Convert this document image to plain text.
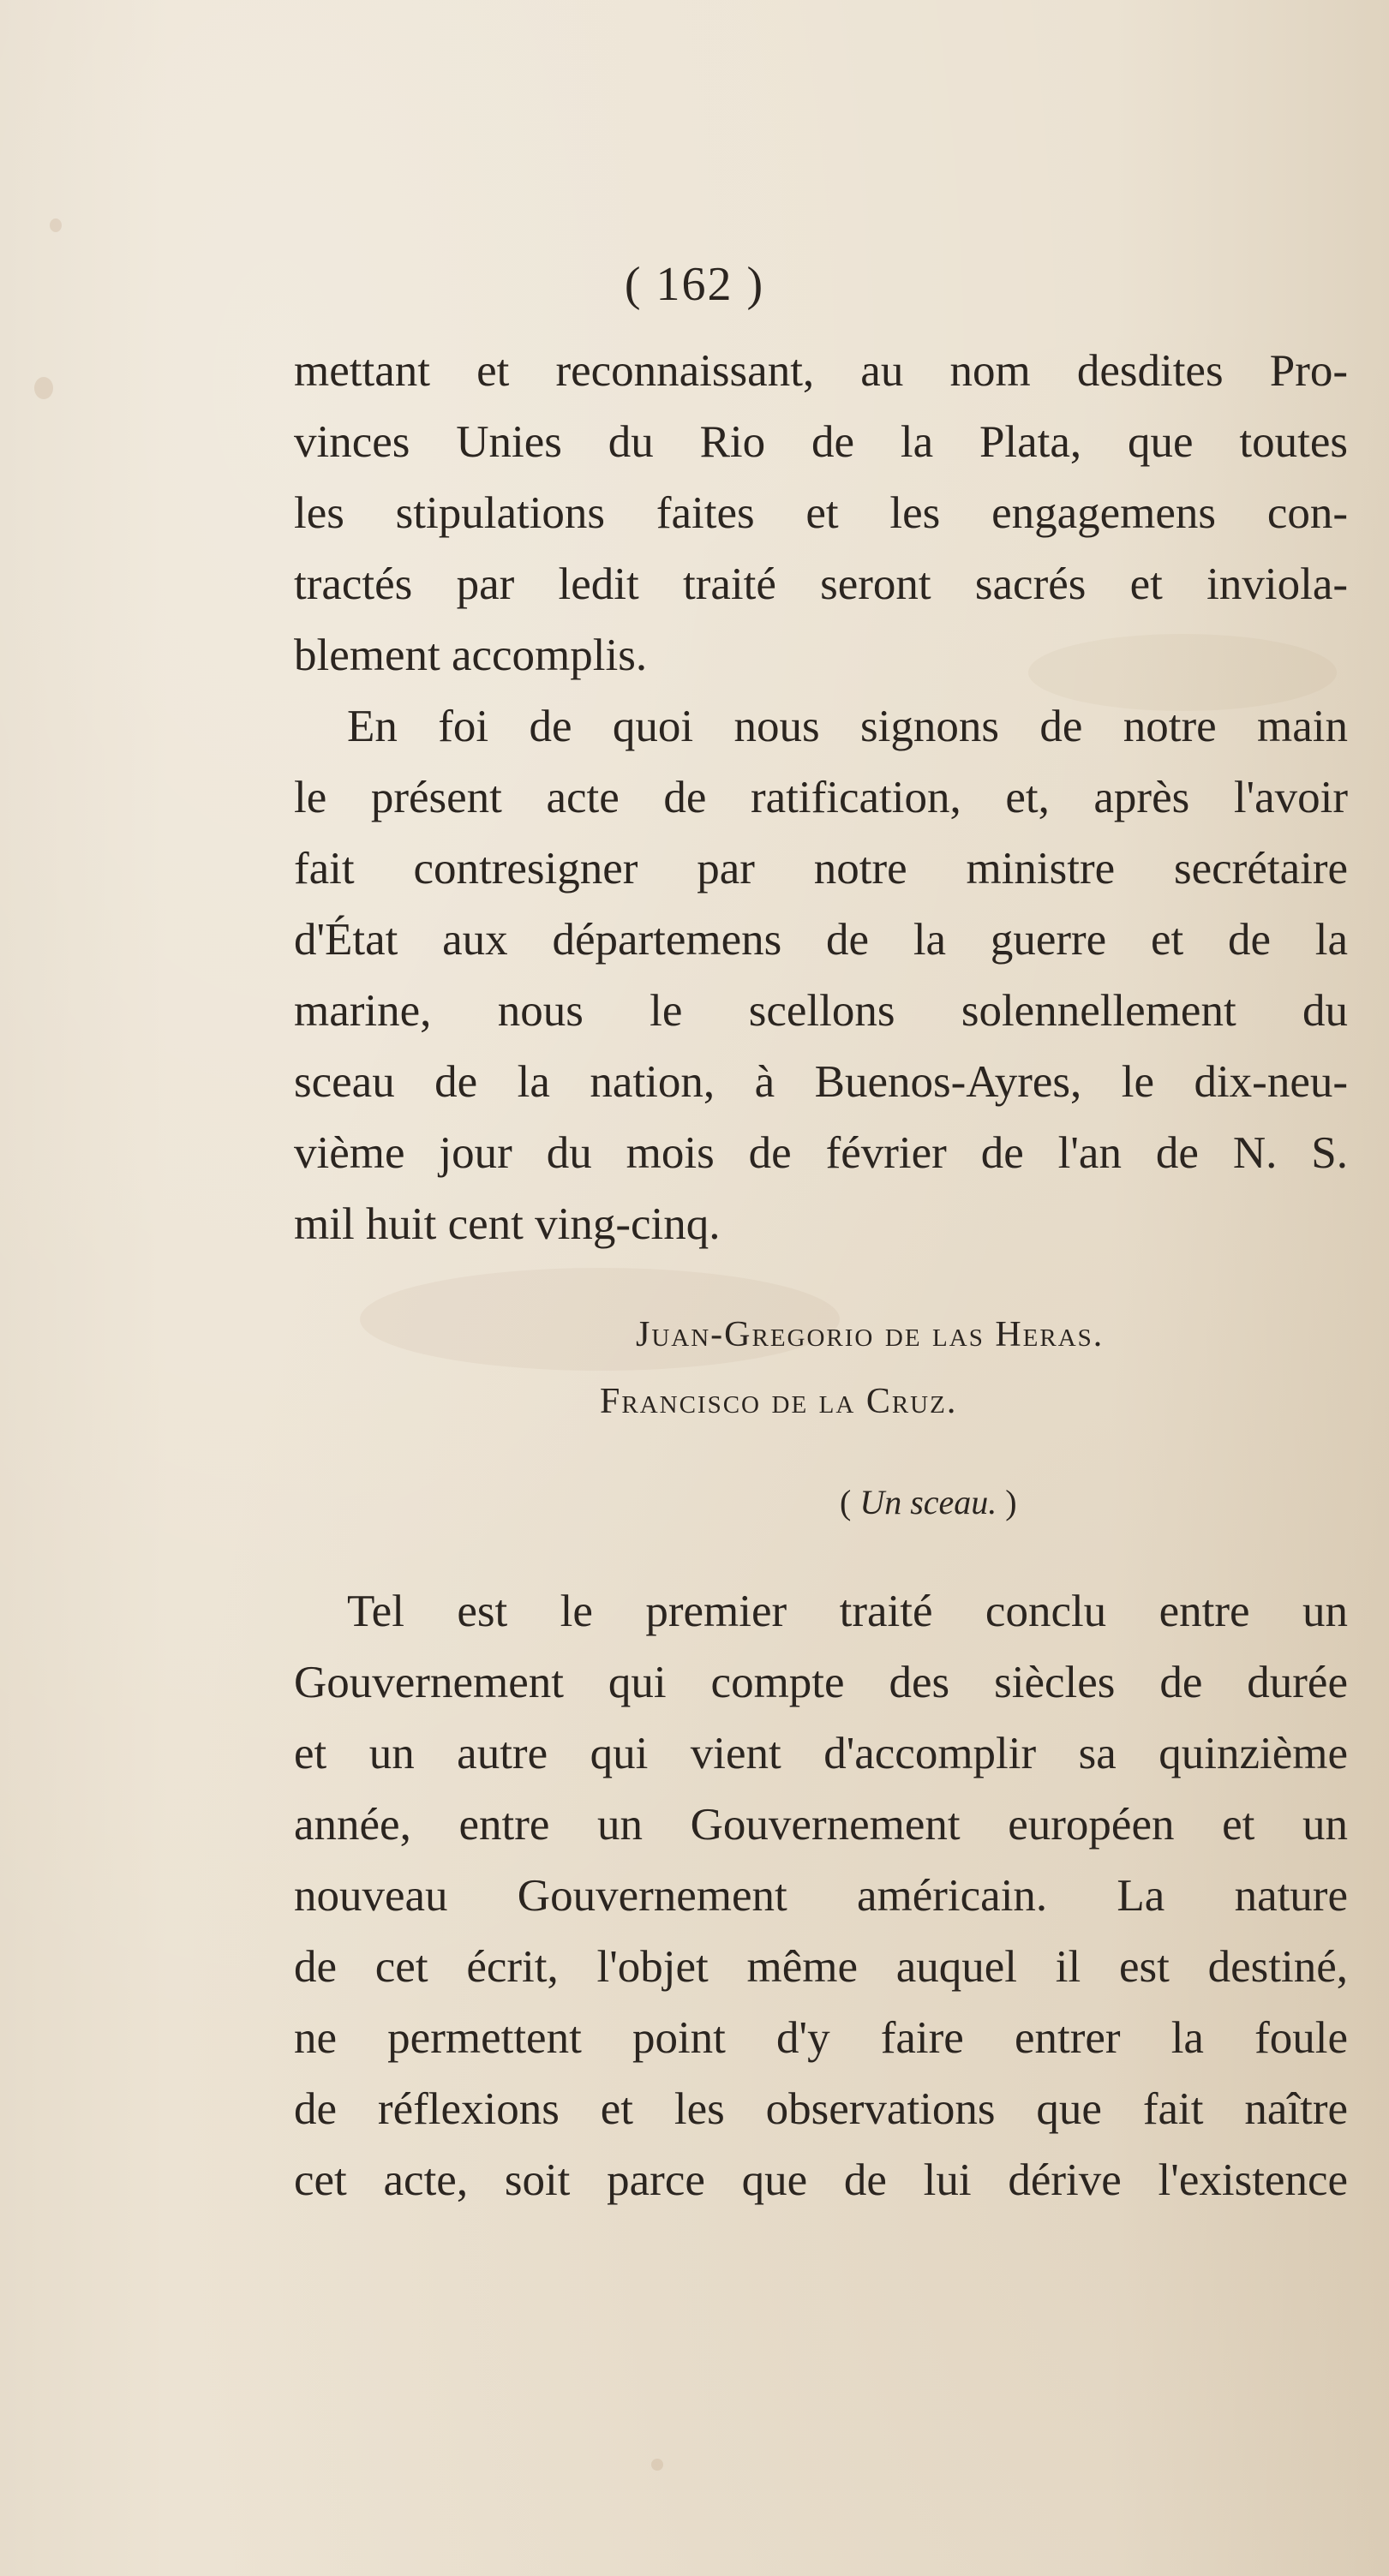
( 162 )
mettant et reconnaissant, au nom desdites Pro-
vinces Unies du Rio de la Plata, que toutes
les stipulations faites et les engagemens con-
tractés par ledit traité seront sacrés et inviola-
blement accomplis.
En foi de quoi nous signons de notre main
le présent acte de ratification, et, après l'avoir
fait contresigner par notre ministre secrétaire
d'État aux départemens de la guerre et de la
marine, nous le scellons solennellement du
sceau de la nation, à Buenos-Ayres, le dix-neu-
vième jour du mois de février de l'an de N. S.
mil huit cent ving-cinq.
Juan-Gregorio de las Heras.
Francisco de la Cruz.
( Un sceau. )
Tel est le premier traité conclu entre un
Gouvernement qui compte des siècles de durée
et un autre qui vient d'accomplir sa quinzième
année, entre un Gouvernement européen et un
nouveau Gouvernement américain. La nature
de cet écrit, l'objet même auquel il est destiné,
ne permettent point d'y faire entrer la foule
de réflexions et les observations que fait naître
cet acte, soit parce que de lui dérive l'existence
